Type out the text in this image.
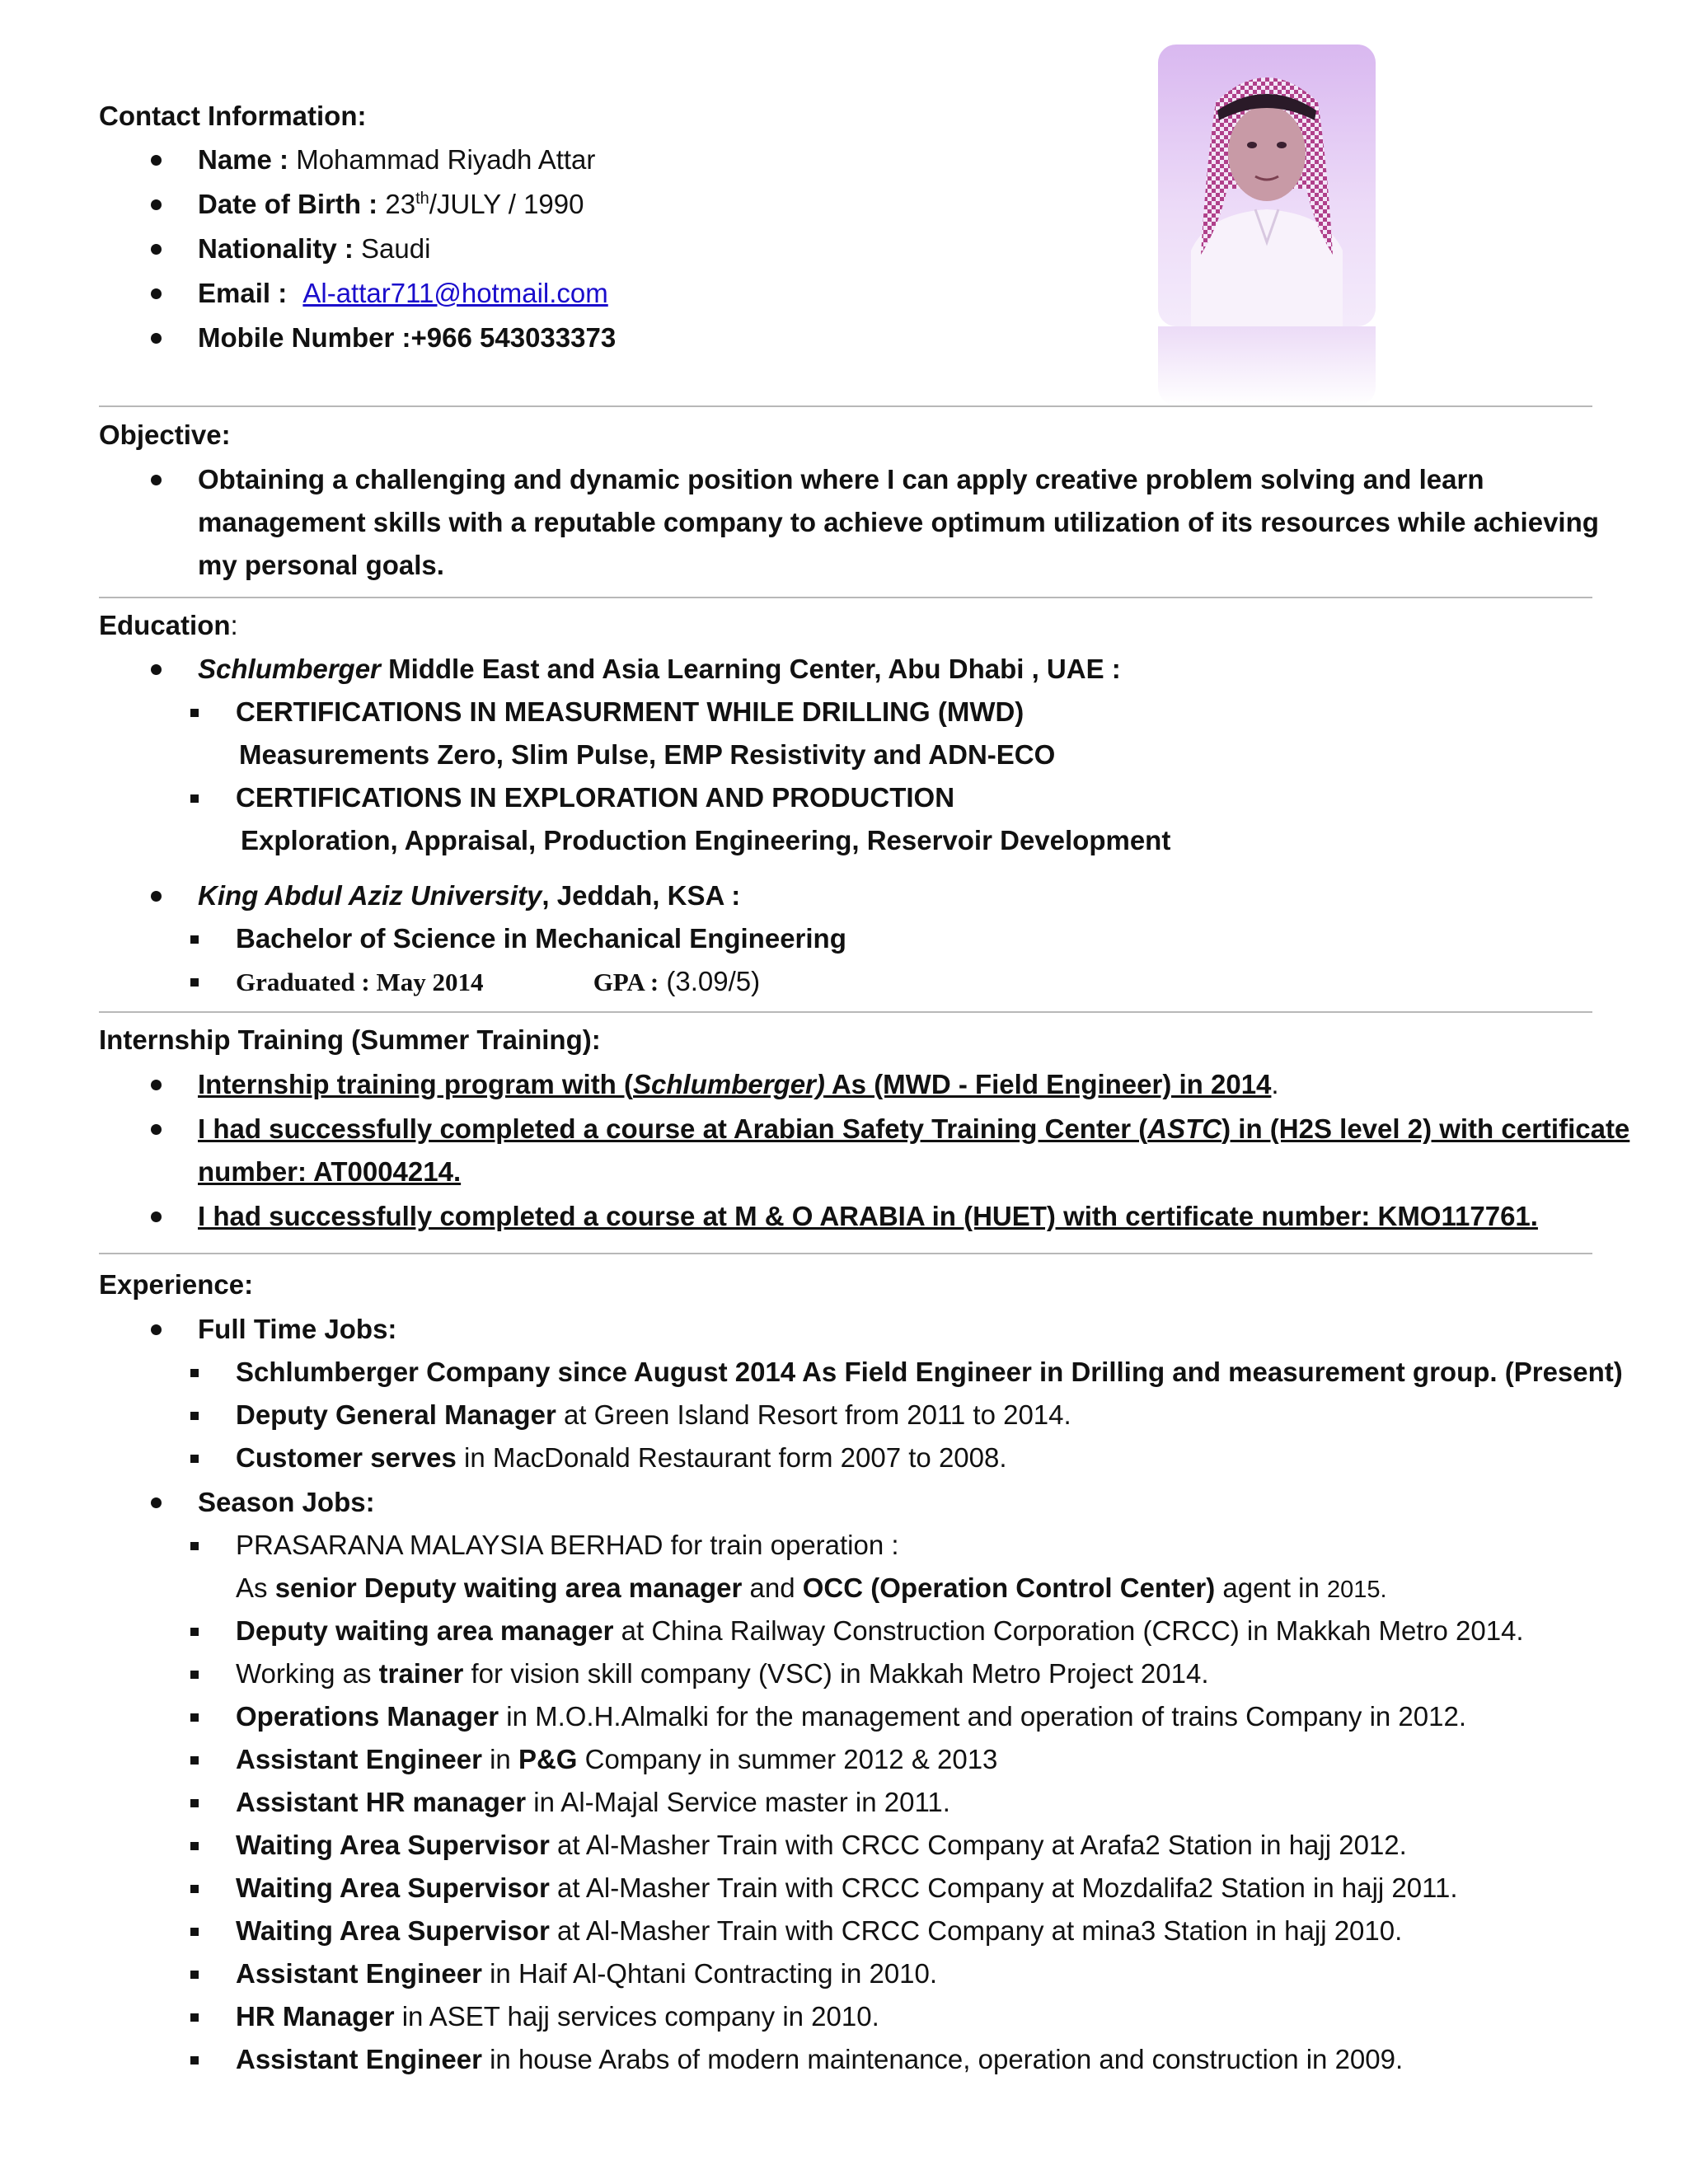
Contact Information:
Name : Mohammad Riyadh Attar
Date of Birth : 23th/JULY / 1990
Nationality : Saudi
Email : Al-attar711@hotmail.com
Mobile Number :+966 543033373
Objective:
Obtaining a challenging and dynamic position where I can apply creative problem solving and learn
management skills with a reputable company to achieve optimum utilization of its resources while achieving
my personal goals.
Education:
Schlumberger Middle East and Asia Learning Center, Abu Dhabi , UAE :
CERTIFICATIONS IN MEASURMENT WHILE DRILLING (MWD)
Measurements Zero, Slim Pulse, EMP Resistivity and ADN-ECO
CERTIFICATIONS IN EXPLORATION AND PRODUCTION
Exploration, Appraisal, Production Engineering, Reservoir Development
King Abdul Aziz University, Jeddah, KSA :
Bachelor of Science in Mechanical Engineering
Graduated : May 2014	GPA : (3.09/5)
Internship Training (Summer Training):
Internship training program with (Schlumberger) As (MWD - Field Engineer) in 2014.
I had successfully completed a course at Arabian Safety Training Center (ASTC) in (H2S level 2) with certificate
number: AT0004214.
I had successfully completed a course at M & O ARABIA in (HUET) with certificate number: KMO117761.
Experience:
Full Time Jobs:
Schlumberger Company since August 2014 As Field Engineer in Drilling and measurement group. (Present)
Deputy General Manager at Green Island Resort from 2011 to 2014.
Customer serves in MacDonald Restaurant form 2007 to 2008.
Season Jobs:
PRASARANA MALAYSIA BERHAD for train operation :
As senior Deputy waiting area manager and OCC (Operation Control Center) agent in 2015.
Deputy waiting area manager at China Railway Construction Corporation (CRCC) in Makkah Metro 2014.
Working as trainer for vision skill company (VSC) in Makkah Metro Project 2014.
Operations Manager in M.O.H.Almalki for the management and operation of trains Company in 2012.
Assistant Engineer in P&G Company in summer 2012 & 2013
Assistant HR manager in Al-Majal Service master in 2011.
Waiting Area Supervisor at Al-Masher Train with CRCC Company at Arafa2 Station in hajj 2012.
Waiting Area Supervisor at Al-Masher Train with CRCC Company at Mozdalifa2 Station in hajj 2011.
Waiting Area Supervisor at Al-Masher Train with CRCC Company at mina3 Station in hajj 2010.
Assistant Engineer in Haif Al-Qhtani Contracting in 2010.
HR Manager in ASET hajj services company in 2010.
Assistant Engineer in house Arabs of modern maintenance, operation and construction in 2009.
